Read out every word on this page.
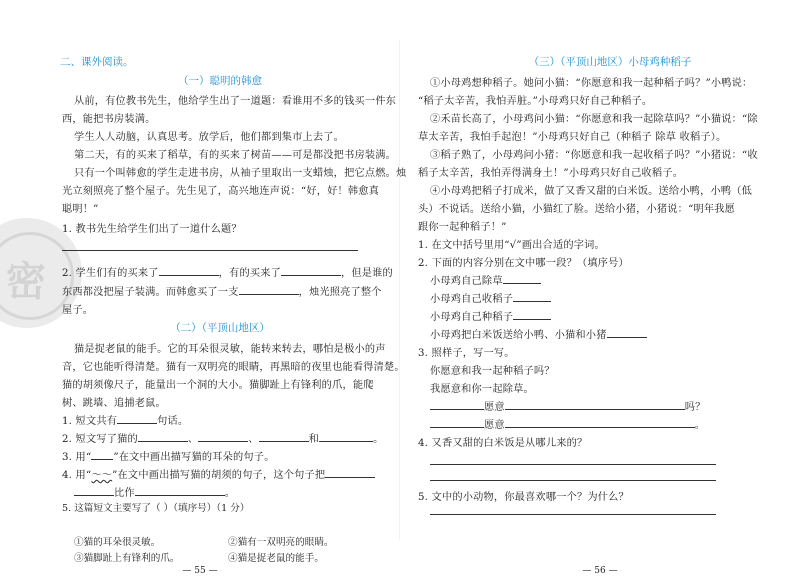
密
二、课外阅读。
（一）聪明的韩愈
从前，有位教书先生，他给学生出了一道题：看谁用不多的钱买一件东
西，能把书房装满。
学生人人动脑，认真思考。放学后，他们都到集市上去了。
第二天，有的买来了稻草，有的买来了树苗——可是都没把书房装满。
只有一个叫韩愈的学生走进书房，从袖子里取出一支蜡烛，把它点燃。烛
光立刻照亮了整个屋子。先生见了，高兴地连声说：“好，好！韩愈真
聪明！”
1. 教书先生给学生们出了一道什么题？
2. 学生们有的买来了	，有的买来了	，但是谁的
东西都没把屋子装满。而韩愈买了一支	，烛光照亮了整个
屋子。
（二）（平顶山地区）
猫是捉老鼠的能手。它的耳朵很灵敏，能转来转去，哪怕是极小的声
音，它也能听得清楚。猫有一双明亮的眼睛，再黑暗的夜里也能看得清楚。
猫的胡须像尺子，能量出一个洞的大小。猫脚趾上有锋利的爪，能爬
树、跳墙、追捕老鼠。
1. 短文共有	句话。
2. 短文写了猫的	、	、	和	。
3. 用“ ”在文中画出描写猫的耳朵的句子。
4. 用“～～”在文中画出描写猫的胡须的句子，这个句子把
比作	。
— 55 —
（三）（平顶山地区）小母鸡种稻子
①小母鸡想种稻子。她问小猫：“你愿意和我一起种稻子吗？”小鸭说：
“稻子太辛苦，我怕弄脏。”小母鸡只好自己种稻子。
②禾苗长高了，小母鸡问小猫：“你愿意和我一起除草吗？”小猫说：“除
草太辛苦，我怕手起泡！”小母鸡只好自己（种稻子 除草 收稻子）。
③稻子熟了，小母鸡问小猪：“你愿意和我一起收稻子吗？”小猪说：“收
稻子太辛苦，我怕弄得满身土！”小母鸡只好自己收稻子。
④小母鸡把稻子打成米，做了又香又甜的白米饭。送给小鸭，小鸭（低
头）不说话。送给小猫，小猫红了脸。送给小猪，小猪说：“明年我愿
跟你一起种稻子！”
1. 在文中括号里用“√”画出合适的字词。
2. 下面的内容分别在文中哪一段？（填序号）
小母鸡自己除草
小母鸡自己收稻子
小母鸡自己种稻子
小母鸡把白米饭送给小鸭、小猫和小猪
3. 照样子，写一写。
你愿意和我一起种稻子吗？
我愿意和你一起除草。
愿意	吗？
愿意	。
4. 又香又甜的白米饭是从哪儿来的？
5. 文中的小动物，你最喜欢哪一个？为什么？
— 56 —
5. 这篇短文主要写了（ ）（填序号）（1 分）
①猫的耳朵很灵敏。	②猫有一双明亮的眼睛。
③猫脚趾上有锋利的爪。	④猫是捉老鼠的能手。
